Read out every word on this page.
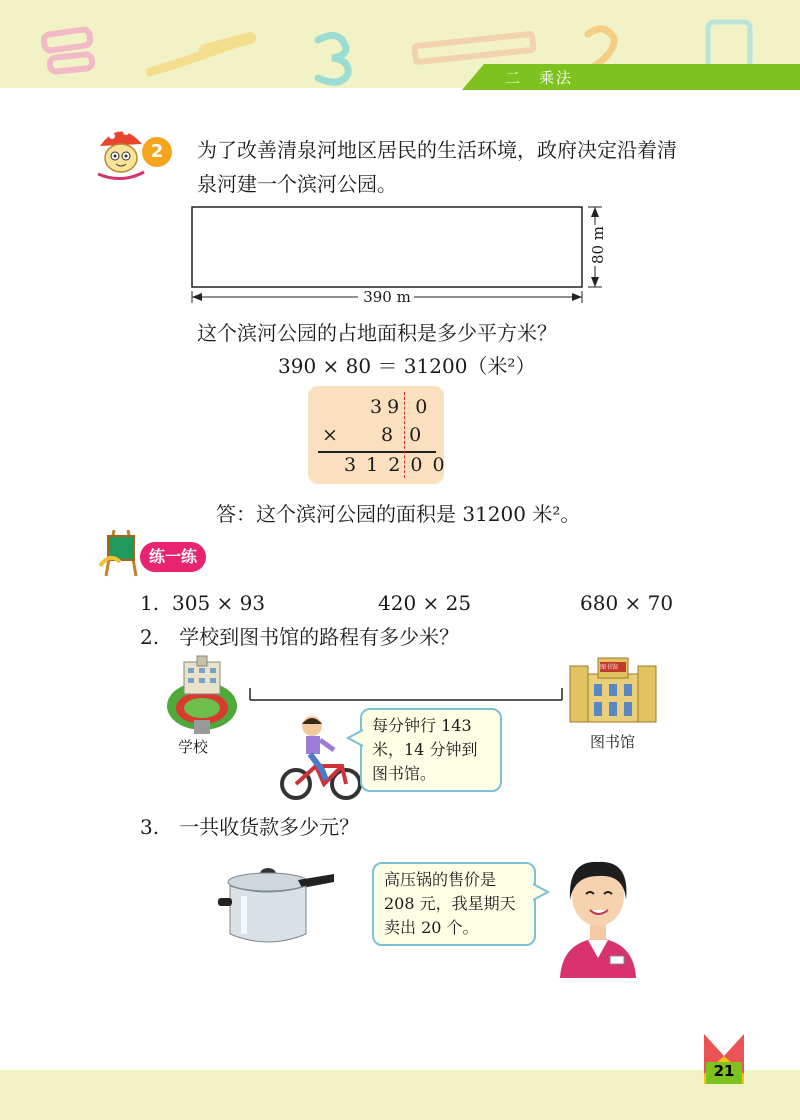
二　乘法
2	为了改善清泉河地区居民的生活环境，政府决定沿着清
泉河建一个滨河公园。
390 m
80 m
这个滨河公园的占地面积是多少平方米？
390 × 80 ＝ 31200（米²）
39 0
× 8 0
3 1 2 0 0
答：这个滨河公园的面积是 31200 米²。
练一练
1. 305 × 93	420 × 25	680 × 70
2.　学校到图书馆的路程有多少米？
学校
图书馆
图书馆
每分钟行 143
米，14 分钟到
图书馆。
3.　一共收货款多少元？
高压锅的售价是
208 元，我星期天
卖出 20 个。
21
